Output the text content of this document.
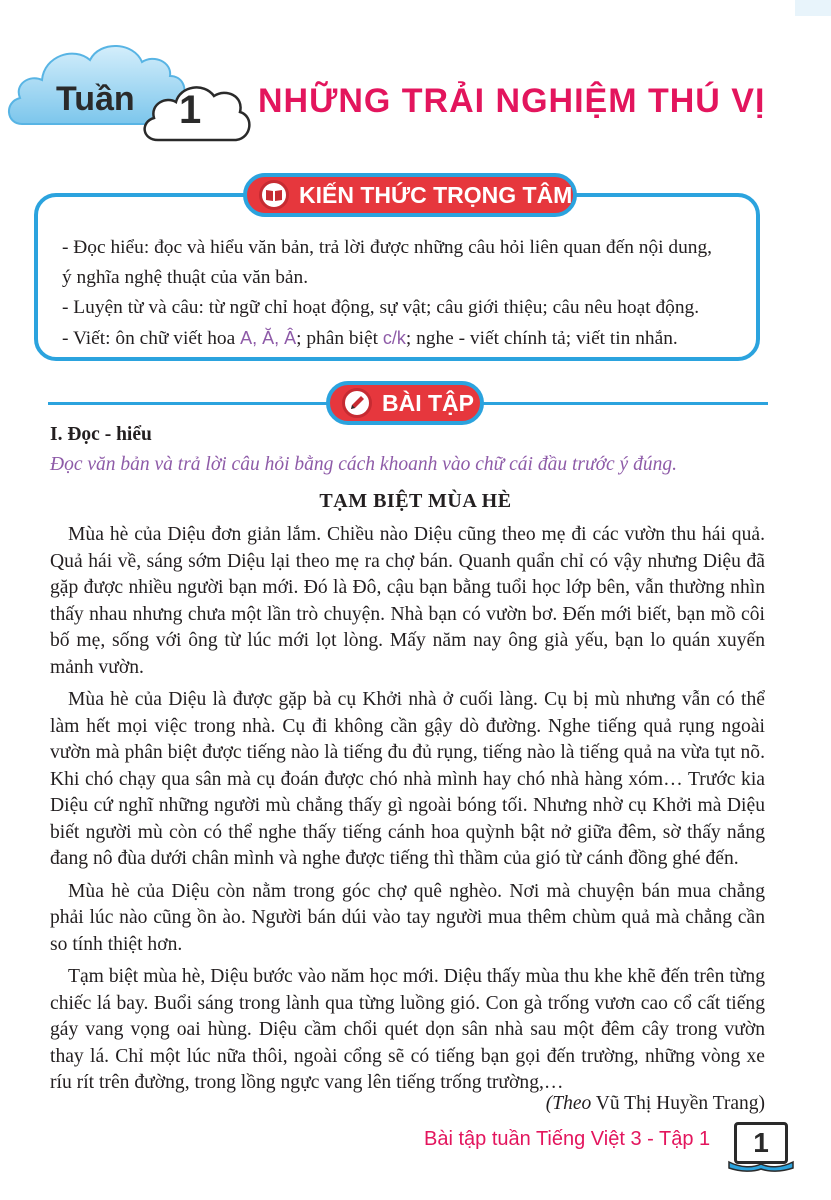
Tuần 1 NHỮNG TRẢI NGHIỆM THÚ VỊ
KIẾN THỨC TRỌNG TÂM

- Đọc hiểu: đọc và hiểu văn bản, trả lời được những câu hỏi liên quan đến nội dung,

ý nghĩa nghệ thuật của văn bản.

- Luyện từ và câu: từ ngữ chỉ hoạt động, sự vật; câu giới thiệu; câu nêu hoạt động.

- Viết: ôn chữ viết hoa A, Ă, Â; phân biệt c/k; nghe - viết chính tả; viết tin nhắn.

BÀI TẬP
I. Đọc - hiểu
Đọc văn bản và trả lời câu hỏi bằng cách khoanh vào chữ cái đầu trước ý đúng.
TẠM BIỆT MÙA HÈ

Mùa hè của Diệu đơn giản lắm. Chiều nào Diệu cũng theo mẹ đi các vườn thu hái quả. Quả hái về, sáng sớm Diệu lại theo mẹ ra chợ bán. Quanh quẩn chỉ có vậy nhưng Diệu đã gặp được nhiều người bạn mới. Đó là Đô, cậu bạn bằng tuổi học lớp bên, vẫn thường nhìn thấy nhau nhưng chưa một lần trò chuyện. Nhà bạn có vườn bơ. Đến mới biết, bạn mồ côi bố mẹ, sống với ông từ lúc mới lọt lòng. Mấy năm nay ông già yếu, bạn lo quán xuyến mảnh vườn.

Mùa hè của Diệu là được gặp bà cụ Khởi nhà ở cuối làng. Cụ bị mù nhưng vẫn có thể làm hết mọi việc trong nhà. Cụ đi không cần gậy dò đường. Nghe tiếng quả rụng ngoài vườn mà phân biệt được tiếng nào là tiếng đu đủ rụng, tiếng nào là tiếng quả na vừa tụt nõ. Khi chó chạy qua sân mà cụ đoán được chó nhà mình hay chó nhà hàng xóm… Trước kia Diệu cứ nghĩ những người mù chẳng thấy gì ngoài bóng tối. Nhưng nhờ cụ Khởi mà Diệu biết người mù còn có thể nghe thấy tiếng cánh hoa quỳnh bật nở giữa đêm, sờ thấy nắng đang nô đùa dưới chân mình và nghe được tiếng thì thầm của gió từ cánh đồng ghé đến.

Mùa hè của Diệu còn nằm trong góc chợ quê nghèo. Nơi mà chuyện bán mua chẳng phải lúc nào cũng ồn ào. Người bán dúi vào tay người mua thêm chùm quả mà chẳng cần so tính thiệt hơn.

Tạm biệt mùa hè, Diệu bước vào năm học mới. Diệu thấy mùa thu khe khẽ đến trên từng chiếc lá bay. Buổi sáng trong lành qua từng luồng gió. Con gà trống vươn cao cổ cất tiếng gáy vang vọng oai hùng. Diệu cầm chổi quét dọn sân nhà sau một đêm cây trong vườn thay lá. Chỉ một lúc nữa thôi, ngoài cổng sẽ có tiếng bạn gọi đến trường, những vòng xe ríu rít trên đường, trong lồng ngực vang lên tiếng trống trường,…

(Theo Vũ Thị Huyền Trang)
Bài tập tuần Tiếng Việt 3 - Tập 1 1
